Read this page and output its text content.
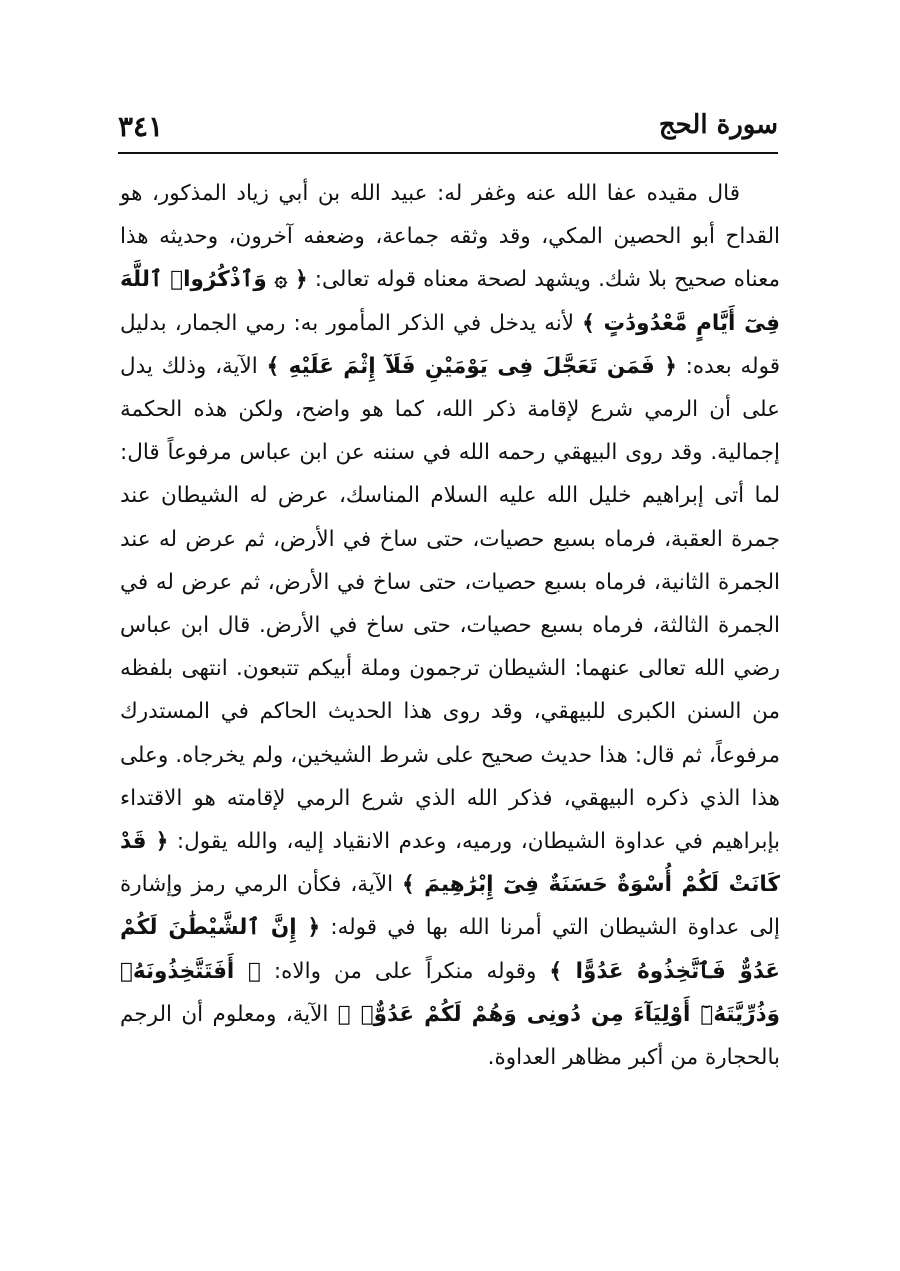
سورة الحج
٣٤١

قال مقيده عفا الله عنه وغفر له: عبيد الله بن أبي زياد المذكور، هو القداح أبو الحصين المكي، وقد وثقه جماعة، وضعفه آخرون، وحديثه هذا معناه صحيح بلا شك. ويشهد لصحة معناه قوله تعالى: ﴿ ۞ وَٱذْكُرُوا۟ ٱللَّهَ فِىٓ أَيَّامٍ مَّعْدُودَٰتٍ ﴾ لأنه يدخل في الذكر المأمور به: رمي الجمار، بدليل قوله بعده: ﴿ فَمَن تَعَجَّلَ فِى يَوْمَيْنِ فَلَآ إِثْمَ عَلَيْهِ ﴾ الآية، وذلك يدل على أن الرمي شرع لإقامة ذكر الله، كما هو واضح، ولكن هذه الحكمة إجمالية. وقد روى البيهقي رحمه الله في سننه عن ابن عباس مرفوعاً قال: لما أتى إبراهيم خليل الله عليه السلام المناسك، عرض له الشيطان عند جمرة العقبة، فرماه بسبع حصيات، حتى ساخ في الأرض، ثم عرض له عند الجمرة الثانية، فرماه بسبع حصيات، حتى ساخ في الأرض، ثم عرض له في الجمرة الثالثة، فرماه بسبع حصيات، حتى ساخ في الأرض. قال ابن عباس رضي الله تعالى عنهما: الشيطان ترجمون وملة أبيكم تتبعون. انتهى بلفظه من السنن الكبرى للبيهقي، وقد روى هذا الحديث الحاكم في المستدرك مرفوعاً، ثم قال: هذا حديث صحيح على شرط الشيخين، ولم يخرجاه. وعلى هذا الذي ذكره البيهقي، فذكر الله الذي شرع الرمي لإقامته هو الاقتداء بإبراهيم في عداوة الشيطان، ورميه، وعدم الانقياد إليه، والله يقول: ﴿ قَدْ كَانَتْ لَكُمْ أُسْوَةٌ حَسَنَةٌ فِىٓ إِبْرَٰهِيمَ ﴾ الآية، فكأن الرمي رمز وإشارة إلى عداوة الشيطان التي أمرنا الله بها في قوله: ﴿ إِنَّ ٱلشَّيْطَٰنَ لَكُمْ عَدُوٌّ فَٱتَّخِذُوهُ عَدُوًّا ﴾ وقوله منكراً على من والاه: ﴿ أَفَتَتَّخِذُونَهُۥ وَذُرِّيَّتَهُۥٓ أَوْلِيَآءَ مِن دُونِى وَهُمْ لَكُمْ عَدُوٌّۢ ﴾ الآية، ومعلوم أن الرجم بالحجارة من أكبر مظاهر العداوة.
